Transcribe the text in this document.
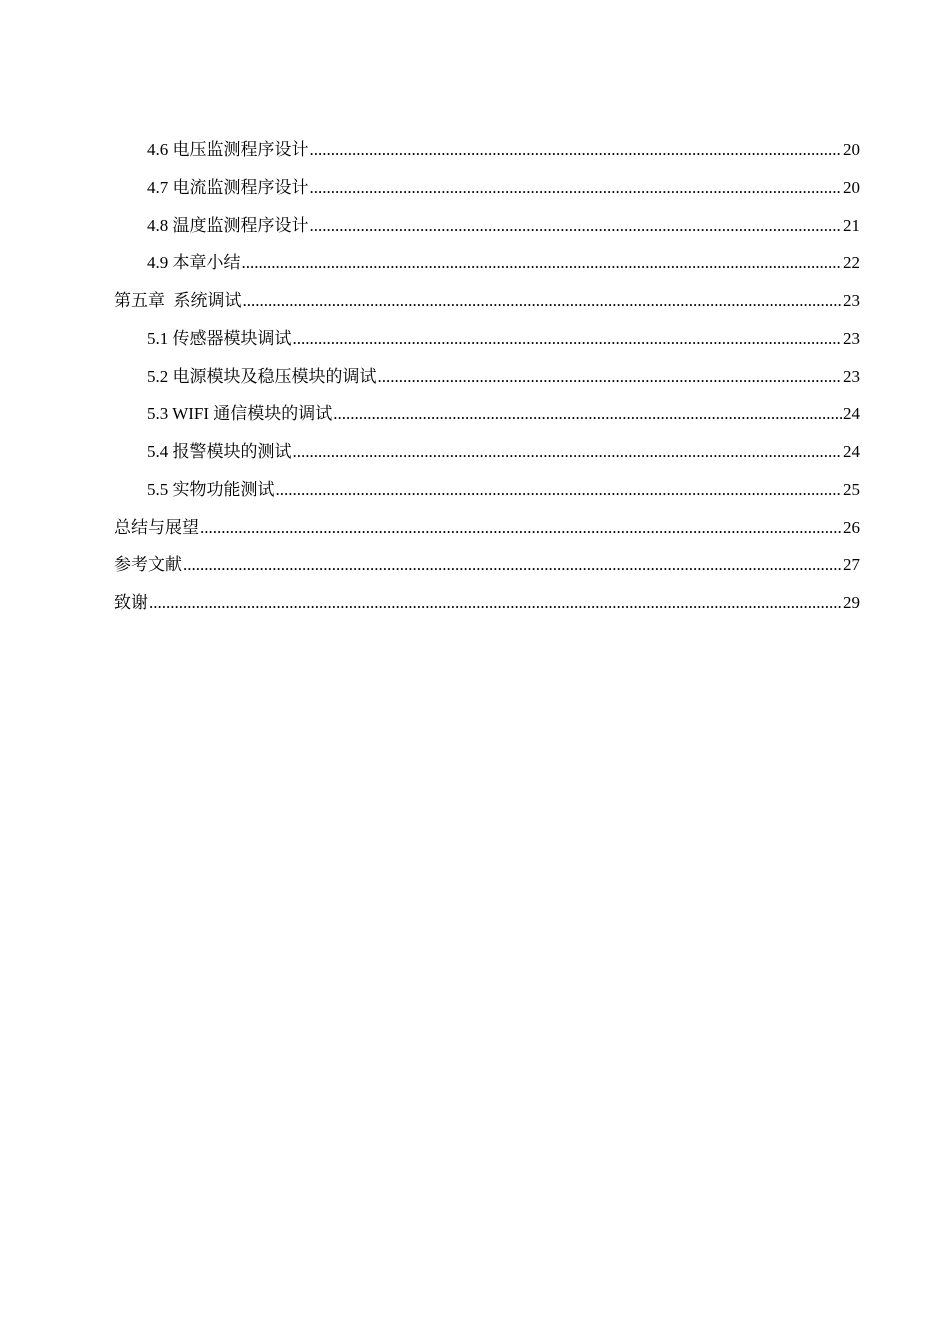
4.6 电压监测程序设计 .....	20
4.7 电流监测程序设计 .....	20
4.8 温度监测程序设计 .....	21
4.9 本章小结 .....	22
第五章  系统调试 .....	23
5.1 传感器模块调试 .....	23
5.2 电源模块及稳压模块的调试 .....	23
5.3 WIFI 通信模块的调试 .....	24
5.4 报警模块的测试 .....	24
5.5 实物功能测试 .....	25
总结与展望 .....	26
参考文献 .....	27
致谢 .....	29
